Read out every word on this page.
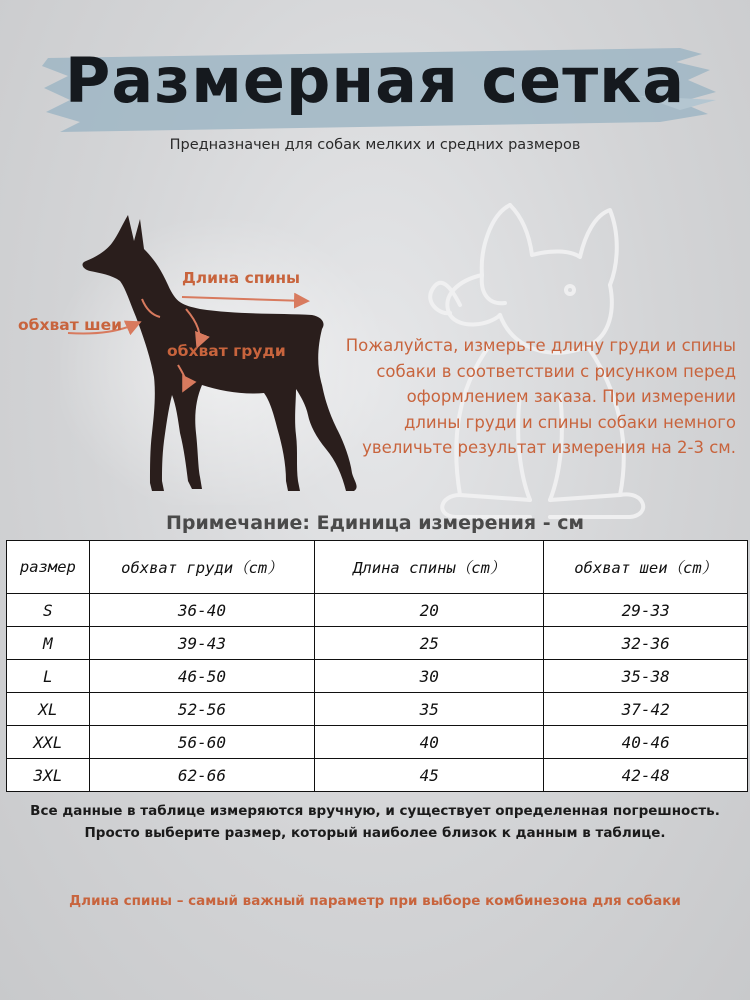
Размерная сетка

Предназначен для собак мелких и средних размеров

Длина спины
обхват шеи
обхват груди	Пожалуйста, измерьте длину груди и спины
собаки в соответствии с рисунком перед
оформлением заказа. При измерении
длины груди и спины собаки немного
увеличьте результат измерения на 2-3 см.

Примечание: Единица измерения - см

размер	обхват груди（cm）	Длина спины（cm）	обхват шеи（cm）
S	36-40	20	29-33
M	39-43	25	32-36
L	46-50	30	35-38
XL	52-56	35	37-42
XXL	56-60	40	40-46
3XL	62-66	45	42-48

Все данные в таблице измеряются вручную, и существует определенная погрешность.
Просто выберите размер, который наиболее близок к данным в таблице.

Длина спины – самый важный параметр при выборе комбинезона для собаки
